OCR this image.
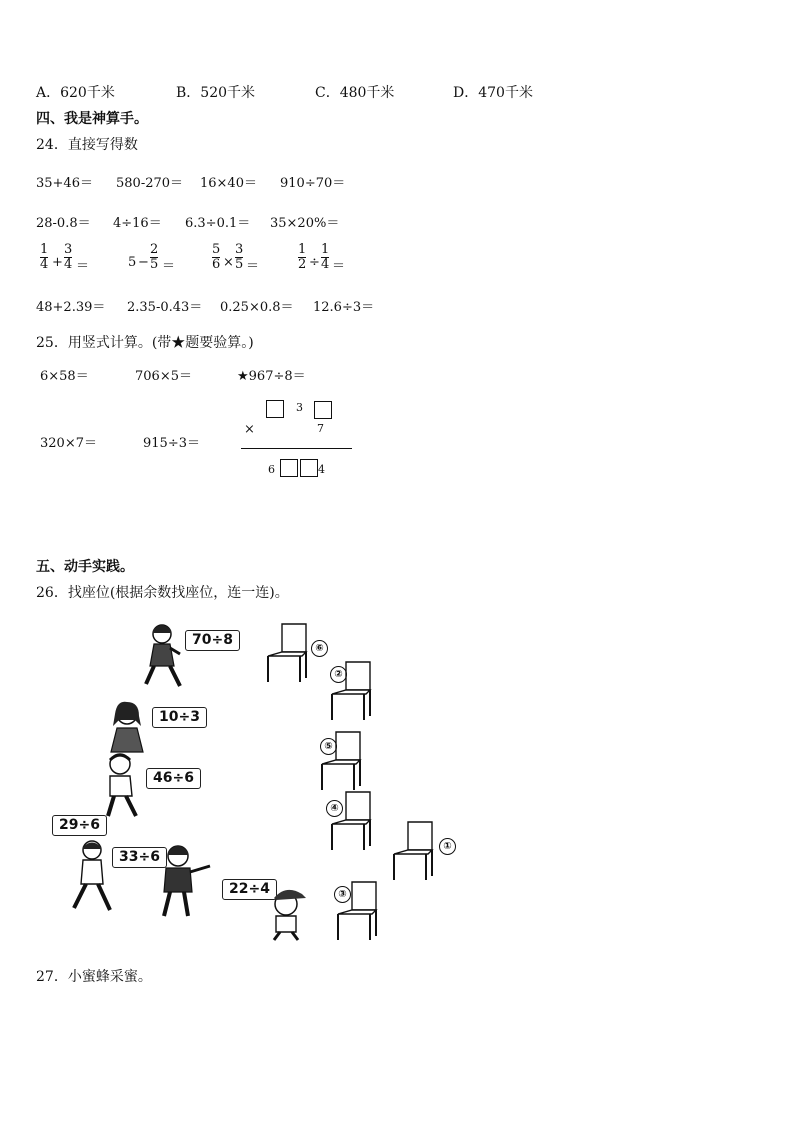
A．620千米	B．520千米	C．480千米	D．470千米
四、我是神算手。
24．直接写得数
35+46＝ 580-270＝ 16×40＝ 910÷70＝
28-0.8＝ 4÷16＝ 6.3÷0.1＝ 35×20%＝
1
4 +
3
4 ＝	5 −
2
5 ＝
5
6 ×
3
5 ＝
1
2 ÷
1
4 ＝
48+2.39＝ 2.35-0.43＝ 0.25×0.8＝ 12.6÷3＝
25．用竖式计算。(带★题要验算。)
6×58＝	706×5＝	★967÷8＝
320×7＝	915÷3＝
3
×	7
6	4
五、动手实践。
26．找座位(根据余数找座位，连一连)。
70÷8
10÷3
46÷6
29÷6
33÷6
22÷4
⑥
②
⑤
④
①
③
27．小蜜蜂采蜜。
